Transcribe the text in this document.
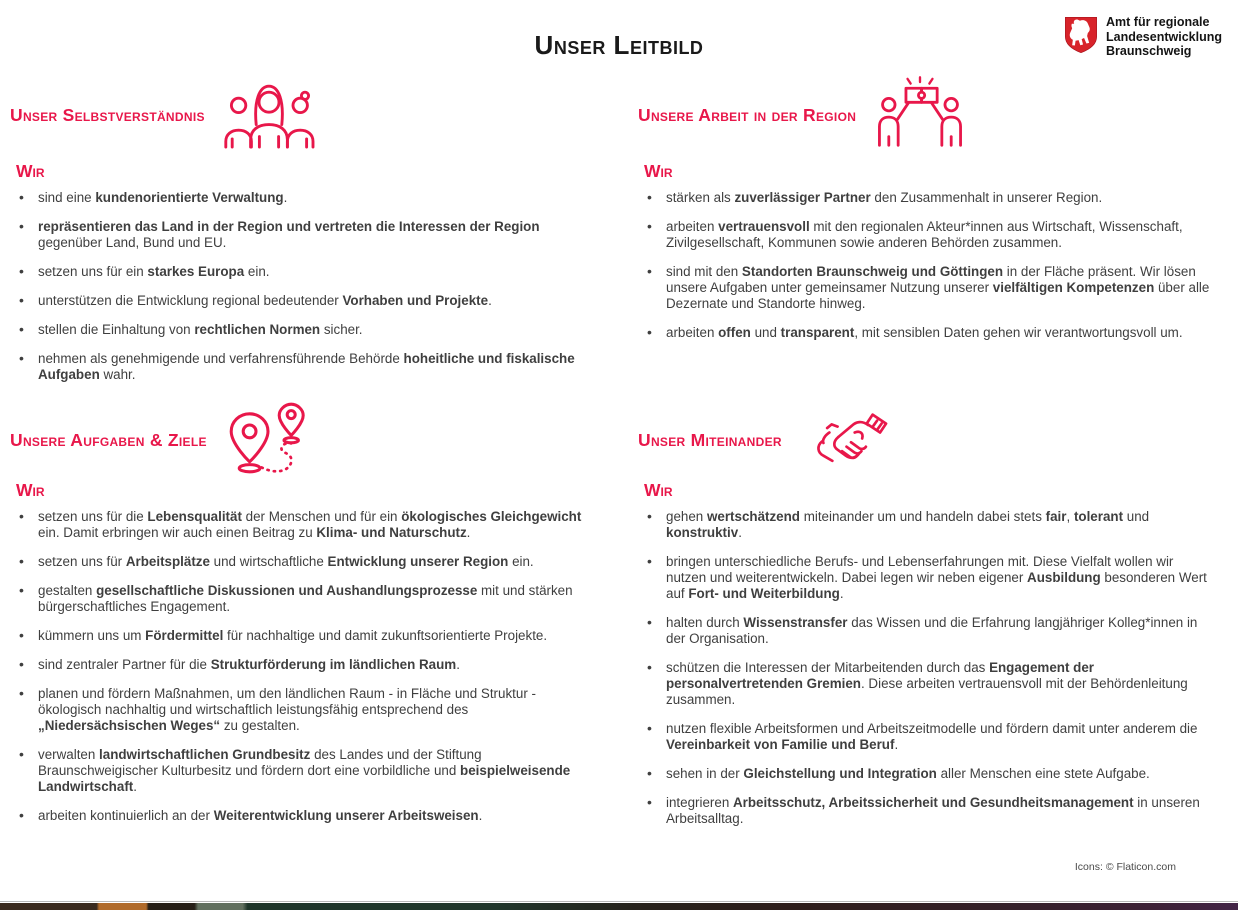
Unser Leitbild
Amt für regionale
Landesentwicklung
Braunschweig
Unser Selbstverständnis
Wir
• sind eine kundenorientierte Verwaltung.
• repräsentieren das Land in der Region und vertreten die Interessen der Region gegenüber Land, Bund und EU.
• setzen uns für ein starkes Europa ein.
• unterstützen die Entwicklung regional bedeutender Vorhaben und Projekte.
• stellen die Einhaltung von rechtlichen Normen sicher.
• nehmen als genehmigende und verfahrensführende Behörde hoheitliche und fiskalische Aufgaben wahr.
Unsere Arbeit in der Region
Wir
• stärken als zuverlässiger Partner den Zusammenhalt in unserer Region.
• arbeiten vertrauensvoll mit den regionalen Akteur*innen aus Wirtschaft, Wissenschaft, Zivilgesellschaft, Kommunen sowie anderen Behörden zusammen.
• sind mit den Standorten Braunschweig und Göttingen in der Fläche präsent. Wir lösen unsere Aufgaben unter gemeinsamer Nutzung unserer vielfältigen Kompetenzen über alle Dezernate und Standorte hinweg.
• arbeiten offen und transparent, mit sensiblen Daten gehen wir verantwortungsvoll um.
Unsere Aufgaben & Ziele
Wir
• setzen uns für die Lebensqualität der Menschen und für ein ökologisches Gleichgewicht ein. Damit erbringen wir auch einen Beitrag zu Klima- und Naturschutz.
• setzen uns für Arbeitsplätze und wirtschaftliche Entwicklung unserer Region ein.
• gestalten gesellschaftliche Diskussionen und Aushandlungsprozesse mit und stärken bürgerschaftliches Engagement.
• kümmern uns um Fördermittel für nachhaltige und damit zukunftsorientierte Projekte.
• sind zentraler Partner für die Strukturförderung im ländlichen Raum.
• planen und fördern Maßnahmen, um den ländlichen Raum - in Fläche und Struktur - ökologisch nachhaltig und wirtschaftlich leistungsfähig entsprechend des „Niedersächsischen Weges“ zu gestalten.
• verwalten landwirtschaftlichen Grundbesitz des Landes und der Stiftung Braunschweigischer Kulturbesitz und fördern dort eine vorbildliche und beispielweisende Landwirtschaft.
• arbeiten kontinuierlich an der Weiterentwicklung unserer Arbeitsweisen.
Unser Miteinander
Wir
• gehen wertschätzend miteinander um und handeln dabei stets fair, tolerant und konstruktiv.
• bringen unterschiedliche Berufs- und Lebenserfahrungen mit. Diese Vielfalt wollen wir nutzen und weiterentwickeln. Dabei legen wir neben eigener Ausbildung besonderen Wert auf Fort- und Weiterbildung.
• halten durch Wissenstransfer das Wissen und die Erfahrung langjähriger Kolleg*innen in der Organisation.
• schützen die Interessen der Mitarbeitenden durch das Engagement der personalvertretenden Gremien. Diese arbeiten vertrauensvoll mit der Behördenleitung zusammen.
• nutzen flexible Arbeitsformen und Arbeitszeitmodelle und fördern damit unter anderem die Vereinbarkeit von Familie und Beruf.
• sehen in der Gleichstellung und Integration aller Menschen eine stete Aufgabe.
• integrieren Arbeitsschutz, Arbeitssicherheit und Gesundheitsmanagement in unseren Arbeitsalltag.
Icons: © Flaticon.com
